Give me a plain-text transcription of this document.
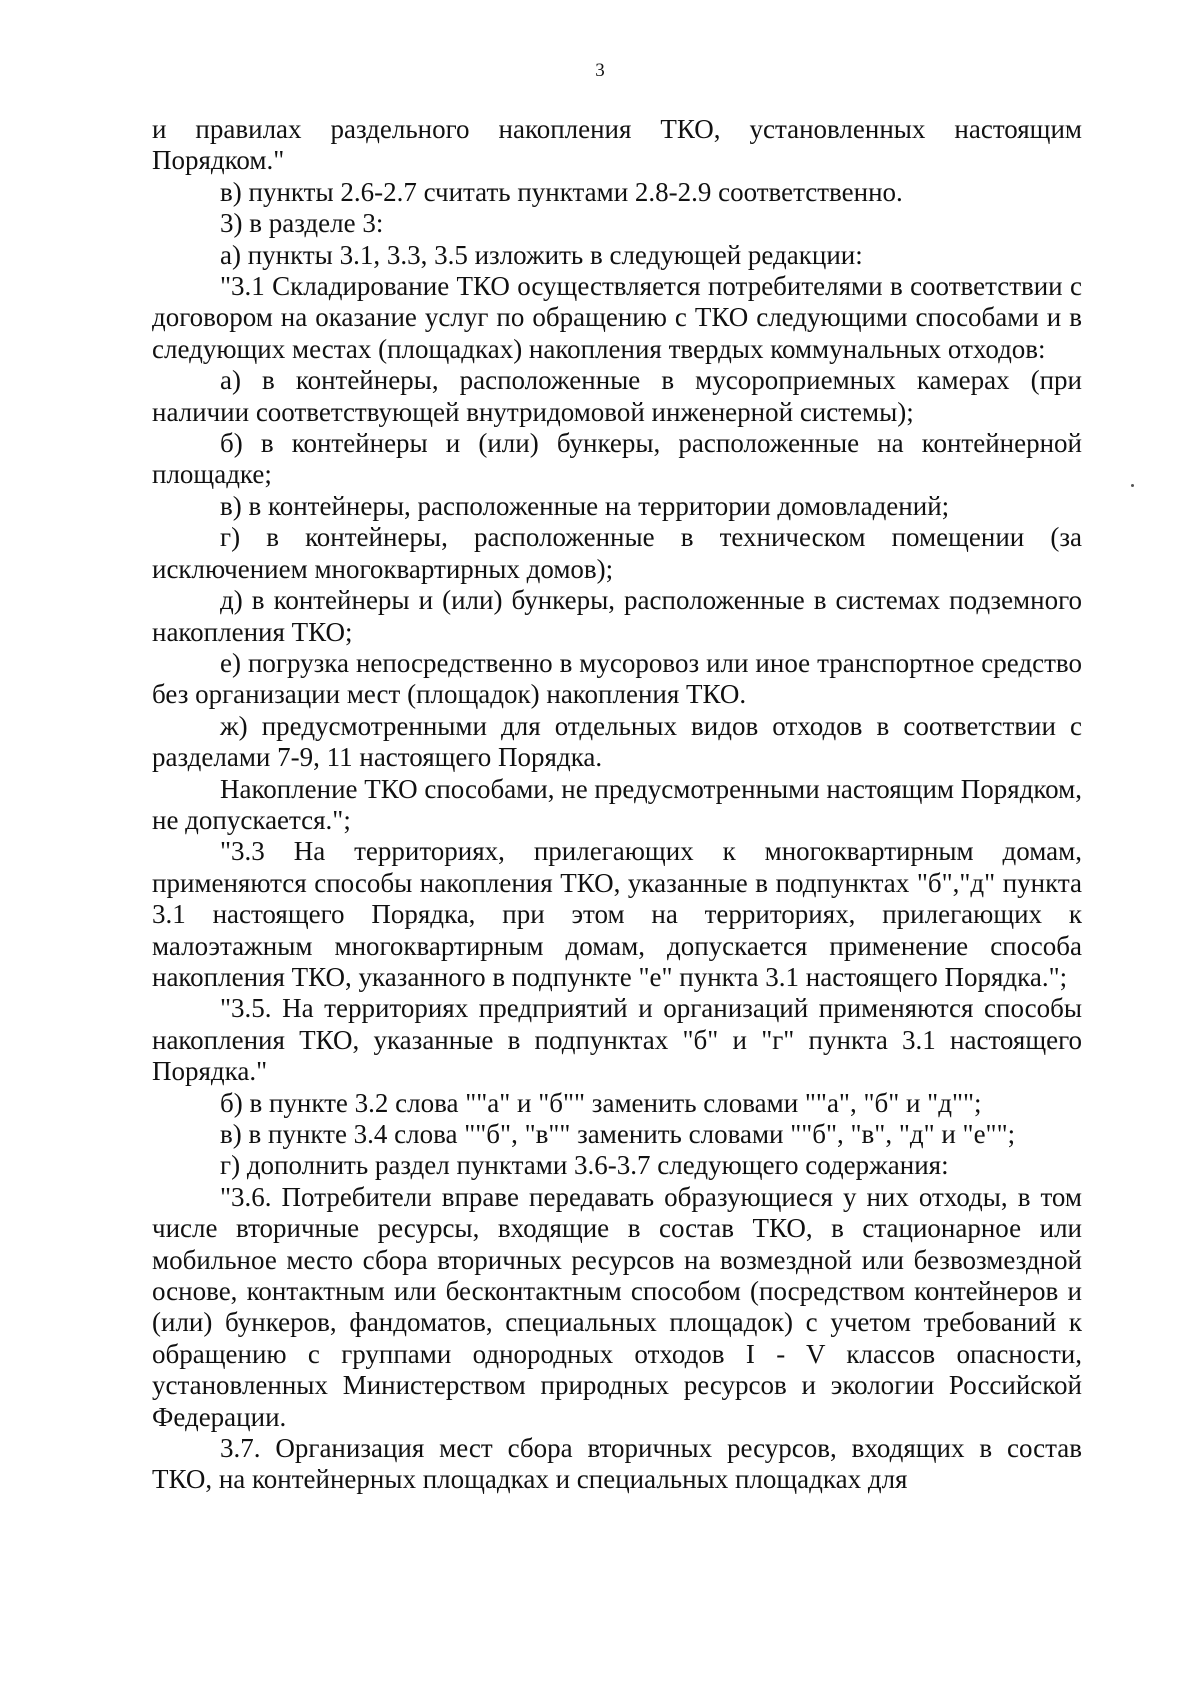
3

и правилах раздельного накопления ТКО, установленных настоящим Порядком."

в) пункты 2.6-2.7 считать пунктами 2.8-2.9 соответственно.

3) в разделе 3:

а) пункты 3.1, 3.3, 3.5 изложить в следующей редакции:

"3.1 Складирование ТКО осуществляется потребителями в соответствии с договором на оказание услуг по обращению с ТКО следующими способами и в следующих местах (площадках) накопления твердых коммунальных отходов:

а) в контейнеры, расположенные в мусороприемных камерах (при наличии соответствующей внутридомовой инженерной системы);

б) в контейнеры и (или) бункеры, расположенные на контейнерной площадке;

в) в контейнеры, расположенные на территории домовладений;

г) в контейнеры, расположенные в техническом помещении (за исключением многоквартирных домов);

д) в контейнеры и (или) бункеры, расположенные в системах подземного накопления ТКО;

е) погрузка непосредственно в мусоровоз или иное транспортное средство без организации мест (площадок) накопления ТКО.

ж) предусмотренными для отдельных видов отходов в соответствии с разделами 7-9, 11 настоящего Порядка.

Накопление ТКО способами, не предусмотренными настоящим Порядком, не допускается.";

"3.3 На территориях, прилегающих к многоквартирным домам, применяются способы накопления ТКО, указанные в подпунктах "б","д" пункта 3.1 настоящего Порядка, при этом на территориях, прилегающих к малоэтажным многоквартирным домам, допускается применение способа накопления ТКО, указанного в подпункте "е" пункта 3.1 настоящего Порядка.";

"3.5. На территориях предприятий и организаций применяются способы накопления ТКО, указанные в подпунктах "б" и "г" пункта 3.1 настоящего Порядка."

б) в пункте 3.2 слова ""а" и "б"" заменить словами ""а", "б" и "д"";

в) в пункте 3.4 слова ""б", "в"" заменить словами ""б", "в", "д" и "е"";

г) дополнить раздел пунктами 3.6-3.7 следующего содержания:

"3.6. Потребители вправе передавать образующиеся у них отходы, в том числе вторичные ресурсы, входящие в состав ТКО, в стационарное или мобильное место сбора вторичных ресурсов на возмездной или безвозмездной основе, контактным или бесконтактным способом (посредством контейнеров и (или) бункеров, фандоматов, специальных площадок) с учетом требований к обращению с группами однородных отходов I - V классов опасности, установленных Министерством природных ресурсов и экологии Российской Федерации.

3.7. Организация мест сбора вторичных ресурсов, входящих в состав ТКО, на контейнерных площадках и специальных площадках для
